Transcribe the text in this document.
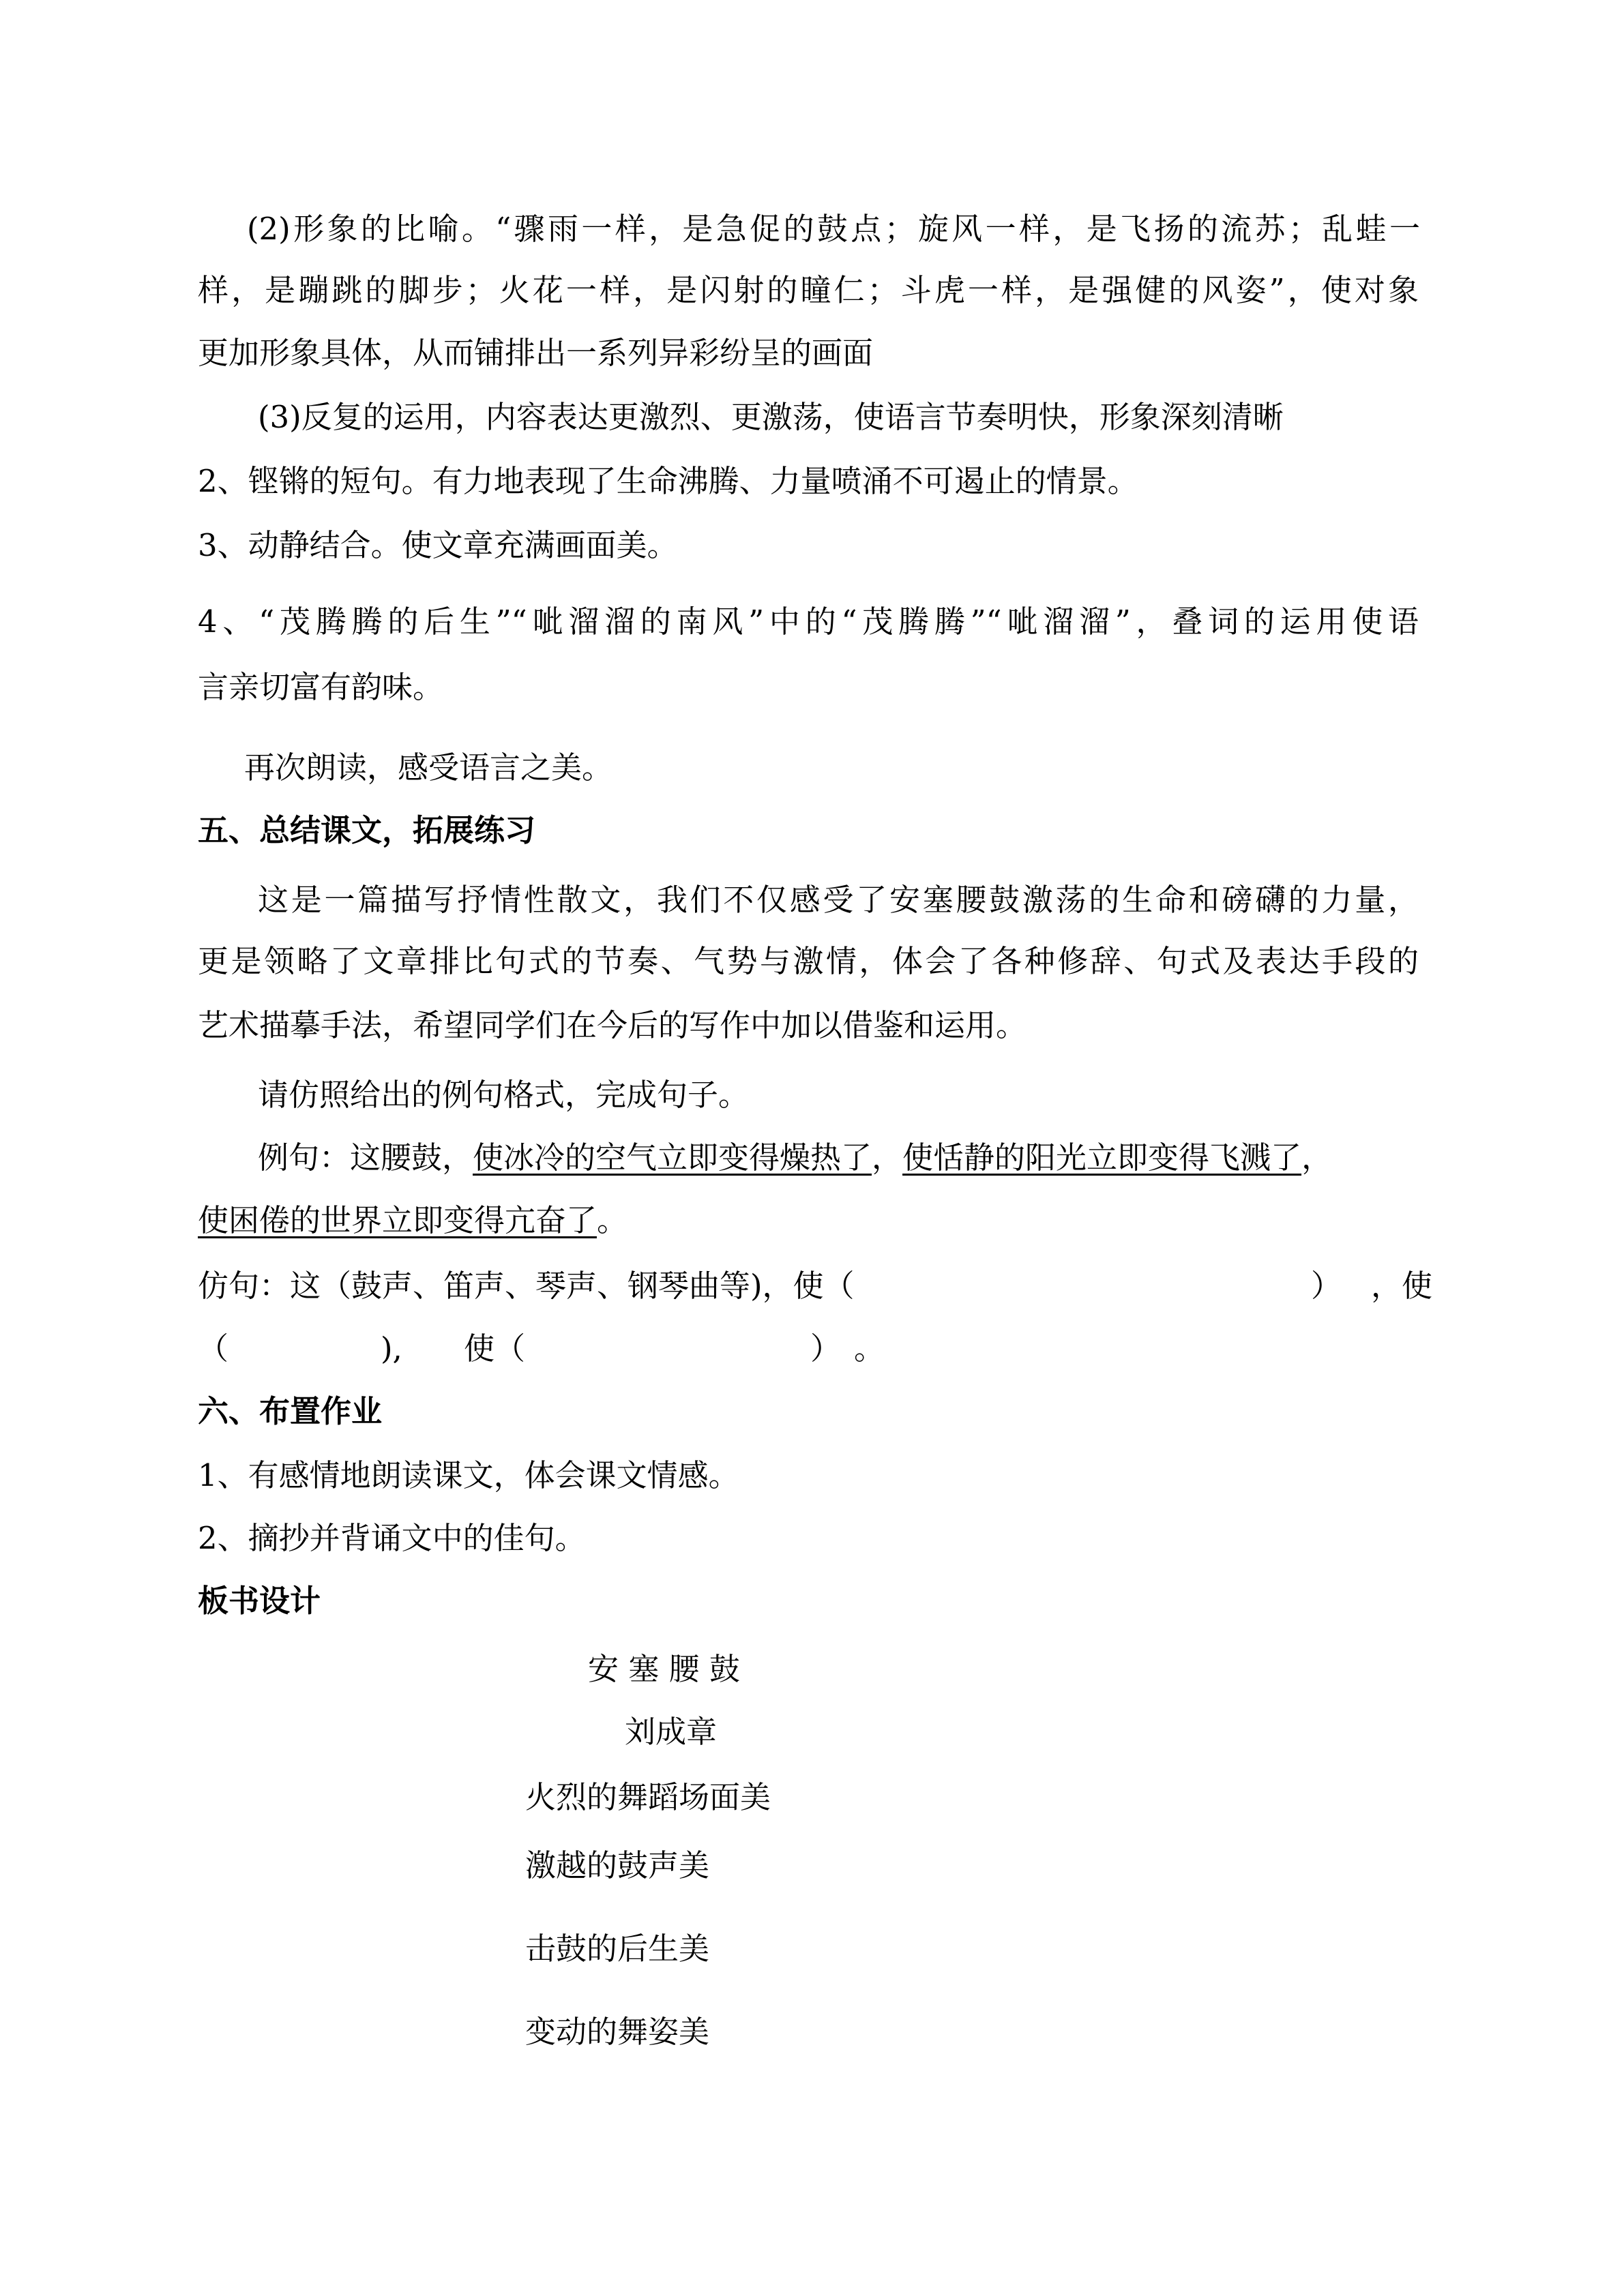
(2)形象的比喻。“骤雨一样，是急促的鼓点；旋风一样，是飞扬的流苏；乱蛙一
样，是蹦跳的脚步；火花一样，是闪射的瞳仁；斗虎一样，是强健的风姿”，使对象
更加形象具体，从而铺排出一系列异彩纷呈的画面
(3)反复的运用，内容表达更激烈、更激荡，使语言节奏明快，形象深刻清晰
2、铿锵的短句。有力地表现了生命沸腾、力量喷涌不可遏止的情景。
3、动静结合。使文章充满画面美。
4、“茂腾腾的后生”“呲溜溜的南风”中的“茂腾腾”“呲溜溜”，叠词的运用使语
言亲切富有韵味。
再次朗读，感受语言之美。
五、总结课文，拓展练习
这是一篇描写抒情性散文，我们不仅感受了安塞腰鼓激荡的生命和磅礴的力量，
更是领略了文章排比句式的节奏、气势与激情，体会了各种修辞、句式及表达手段的
艺术描摹手法，希望同学们在今后的写作中加以借鉴和运用。
请仿照给出的例句格式，完成句子。
例句：这腰鼓，使冰冷的空气立即变得燥热了，使恬静的阳光立即变得飞溅了，
使困倦的世界立即变得亢奋了。
仿句：这（鼓声、笛声、琴声、钢琴曲等)，使（	） ，使
（	), 使（	） 。
六、布置作业
1、有感情地朗读课文，体会课文情感。
2、摘抄并背诵文中的佳句。
板书设计
安 塞 腰 鼓
刘成章
火烈的舞蹈场面美
激越的鼓声美
击鼓的后生美
变动的舞姿美
